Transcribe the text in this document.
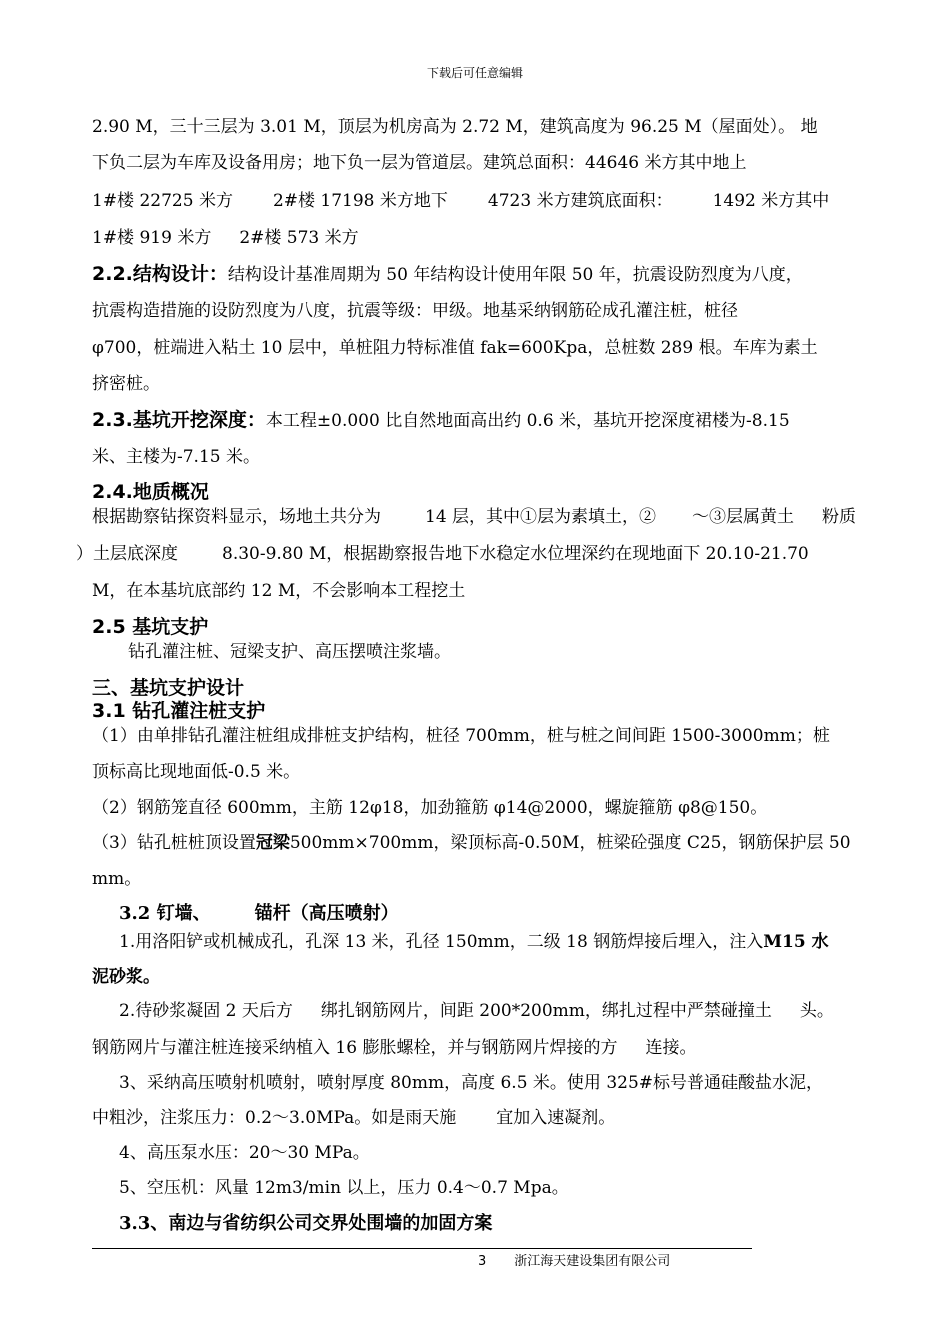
下载后可任意编辑
2.90 M，三十三层为 3.01 M，顶层为机房高为 2.72 M，建筑高度为 96.25 M（屋面处）。 地
下负二层为车库及设备用房；地下负一层为管道层。建筑总面积：44646 米方其中地上
1#楼 22725 米方 2#楼 17198 米方地下 4723 米方建筑底面积： 1492 米方其中
1#楼 919 米方 2#楼 573 米方
2.2.结构设计：结构设计基准周期为 50 年结构设计使用年限 50 年，抗震设防烈度为八度，
抗震构造措施的设防烈度为八度，抗震等级：甲级。地基采纳钢筋砼成孔灌注桩，桩径
φ700，桩端进入粘土 10 层中，单桩阻力特标准值 fak=600Kpa，总桩数 289 根。车库为素土
挤密桩。
2.3.基坑开挖深度：本工程±0.000 比自然地面高出约 0.6 米，基坑开挖深度裙楼为-8.15
米、主楼为-7.15 米。
2.4.地质概况
根据勘察钻探资料显示，场地土共分为	14 层，其中①层为素填土，② ～③层属黄土 粉质
）土层底深度	8.30-9.80 M，根据勘察报告地下水稳定水位埋深约在现地面下 20.10-21.70
M，在本基坑底部约 12 M，不会影响本工程挖土
2.5 基坑支护
钻孔灌注桩、冠梁支护、高压摆喷注浆墙。
三、基坑支护设计
3.1 钻孔灌注桩支护
（1）由单排钻孔灌注桩组成排桩支护结构，桩径 700mm，桩与桩之间间距 1500-3000mm；桩
顶标高比现地面低-0.5 米。
（2）钢筋笼直径 600mm，主筋 12φ18，加劲箍筋 φ14@2000，螺旋箍筋 φ8@150。
（3）钻孔桩桩顶设置冠梁500mm×700mm，梁顶标高-0.50M，桩梁砼强度 C25，钢筋保护层 50
mm。
3.2 钉墙、 锚杆（高压喷射）
1.用洛阳铲或机械成孔，孔深 13 米，孔径 150mm，二级 18 钢筋焊接后埋入，注入M15 水
泥砂浆。
2.待砂浆凝固 2 天后方 绑扎钢筋网片，间距 200*200mm，绑扎过程中严禁碰撞土 头。
钢筋网片与灌注桩连接采纳植入 16 膨胀螺栓，并与钢筋网片焊接的方 连接。
3、采纳高压喷射机喷射，喷射厚度 80mm，高度 6.5 米。使用 325#标号普通硅酸盐水泥，
中粗沙，注浆压力：0.2～3.0MPa。如是雨天施 宜加入速凝剂。
4、高压泵水压：20～30 MPa。
5、空压机：风量 12m3/min 以上，压力 0.4～0.7 Mpa。
3.3、南边与省纺织公司交界处围墙的加固方案
3 浙江海天建设集团有限公司
